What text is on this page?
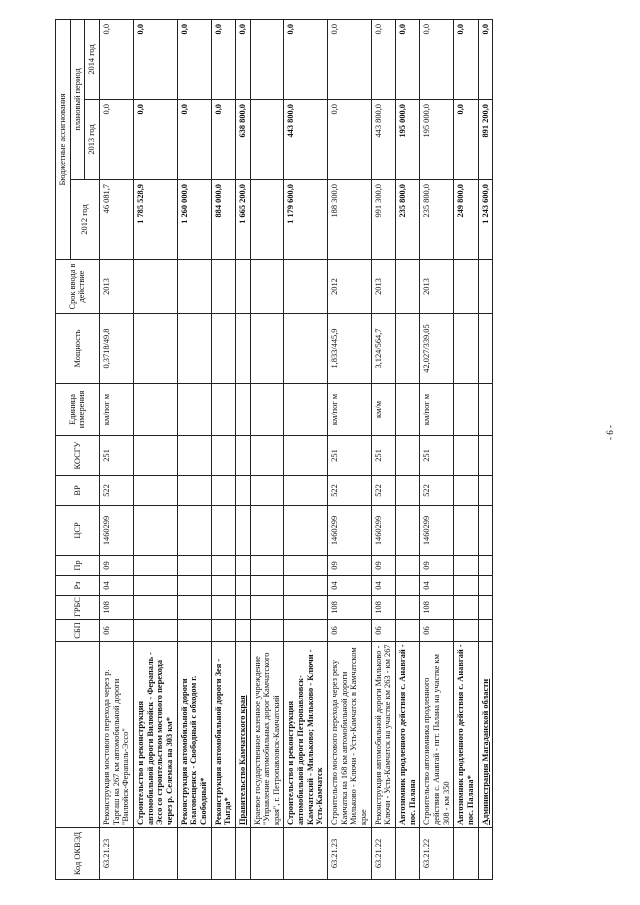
Код ОКВЭД		СБП	ГРБС	Рз	Пр	ЦСР	ВР	КОСГУ	Единица измерения	Мощность	Срок ввода в действие	Бюджетные ассигнования		
												2012 год	плановый период	
													2013 год	2014 год
63.21.23	Реконструкция мостового перехода через р. Таргаш на 267 км автомобильной дороги "Вилюйск-Ферапаль-Эссо"	06	108	04	09	1460299	522	251	км/пог м	0,3718/49,8	2013	46 081,7	0,0	0,0
	Строительство и реконструкция автомобильной дороги Вилюйск - Ферапаль - Эссо со строительством мостового перехода через р. Селемжа на 303 км*											1 785 528,9	0,0	0,0
	Реконструкция автомобильной дороги Благовещенск - Свободный с обходом г. Свободный*											1 260 000,0	0,0	0,0
	Реконструкция автомобильной дороги Зея - Тыгда*											884 000,0	0,0	0,0
	Правительство Камчатского края											1 665 200,0	638 800,0	0,0
	Краевое государственное казенное учреждение "Управление автомобильных дорог Камчатского края", г. Петропавловск-Камчатский													
	Строительство и реконструкция автомобильной дороги Петропавловск-Камчатский - Мильково; Мильково - Ключи - Усть-Камчатск											1 179 600,0	443 800,0	0,0
63.21.23	Строительство мостового перехода через реку Камчатка на 168 км автомобильной дороги Мильково - Ключи - Усть-Камчатск в Камчатском крае	06	108	04	09	1460299	522	251	км/пог м	1,833/445,9	2012	188 300,0	0,0	0,0
63.21.22	Реконструкция автомобильной дороги Мильково - Ключи - Усть-Камчатск на участке км 263 - км 267	06	108	04	09	1460299	522	251	км/м	3,124/564,7	2013	991 300,0	443 800,0	0,0
	Автозимник продленного действия с. Анавгай - пос. Палана											235 800,0	195 000,0	0,0
63.21.22	Строительство автозимника продленного действия с. Анавгай - пгт. Палана на участке км 308 - км 350	06	108	04	09	1460299	522	251	км/пог м	42,027/339,05	2013	235 800,0	195 000,0	0,0
	Автозимник продленного действия с. Анавгай - пос. Палана*											249 800,0	0,0	0,0
	Администрация Магаданской области											1 243 600,0	891 200,0	0,0
- 6 -
